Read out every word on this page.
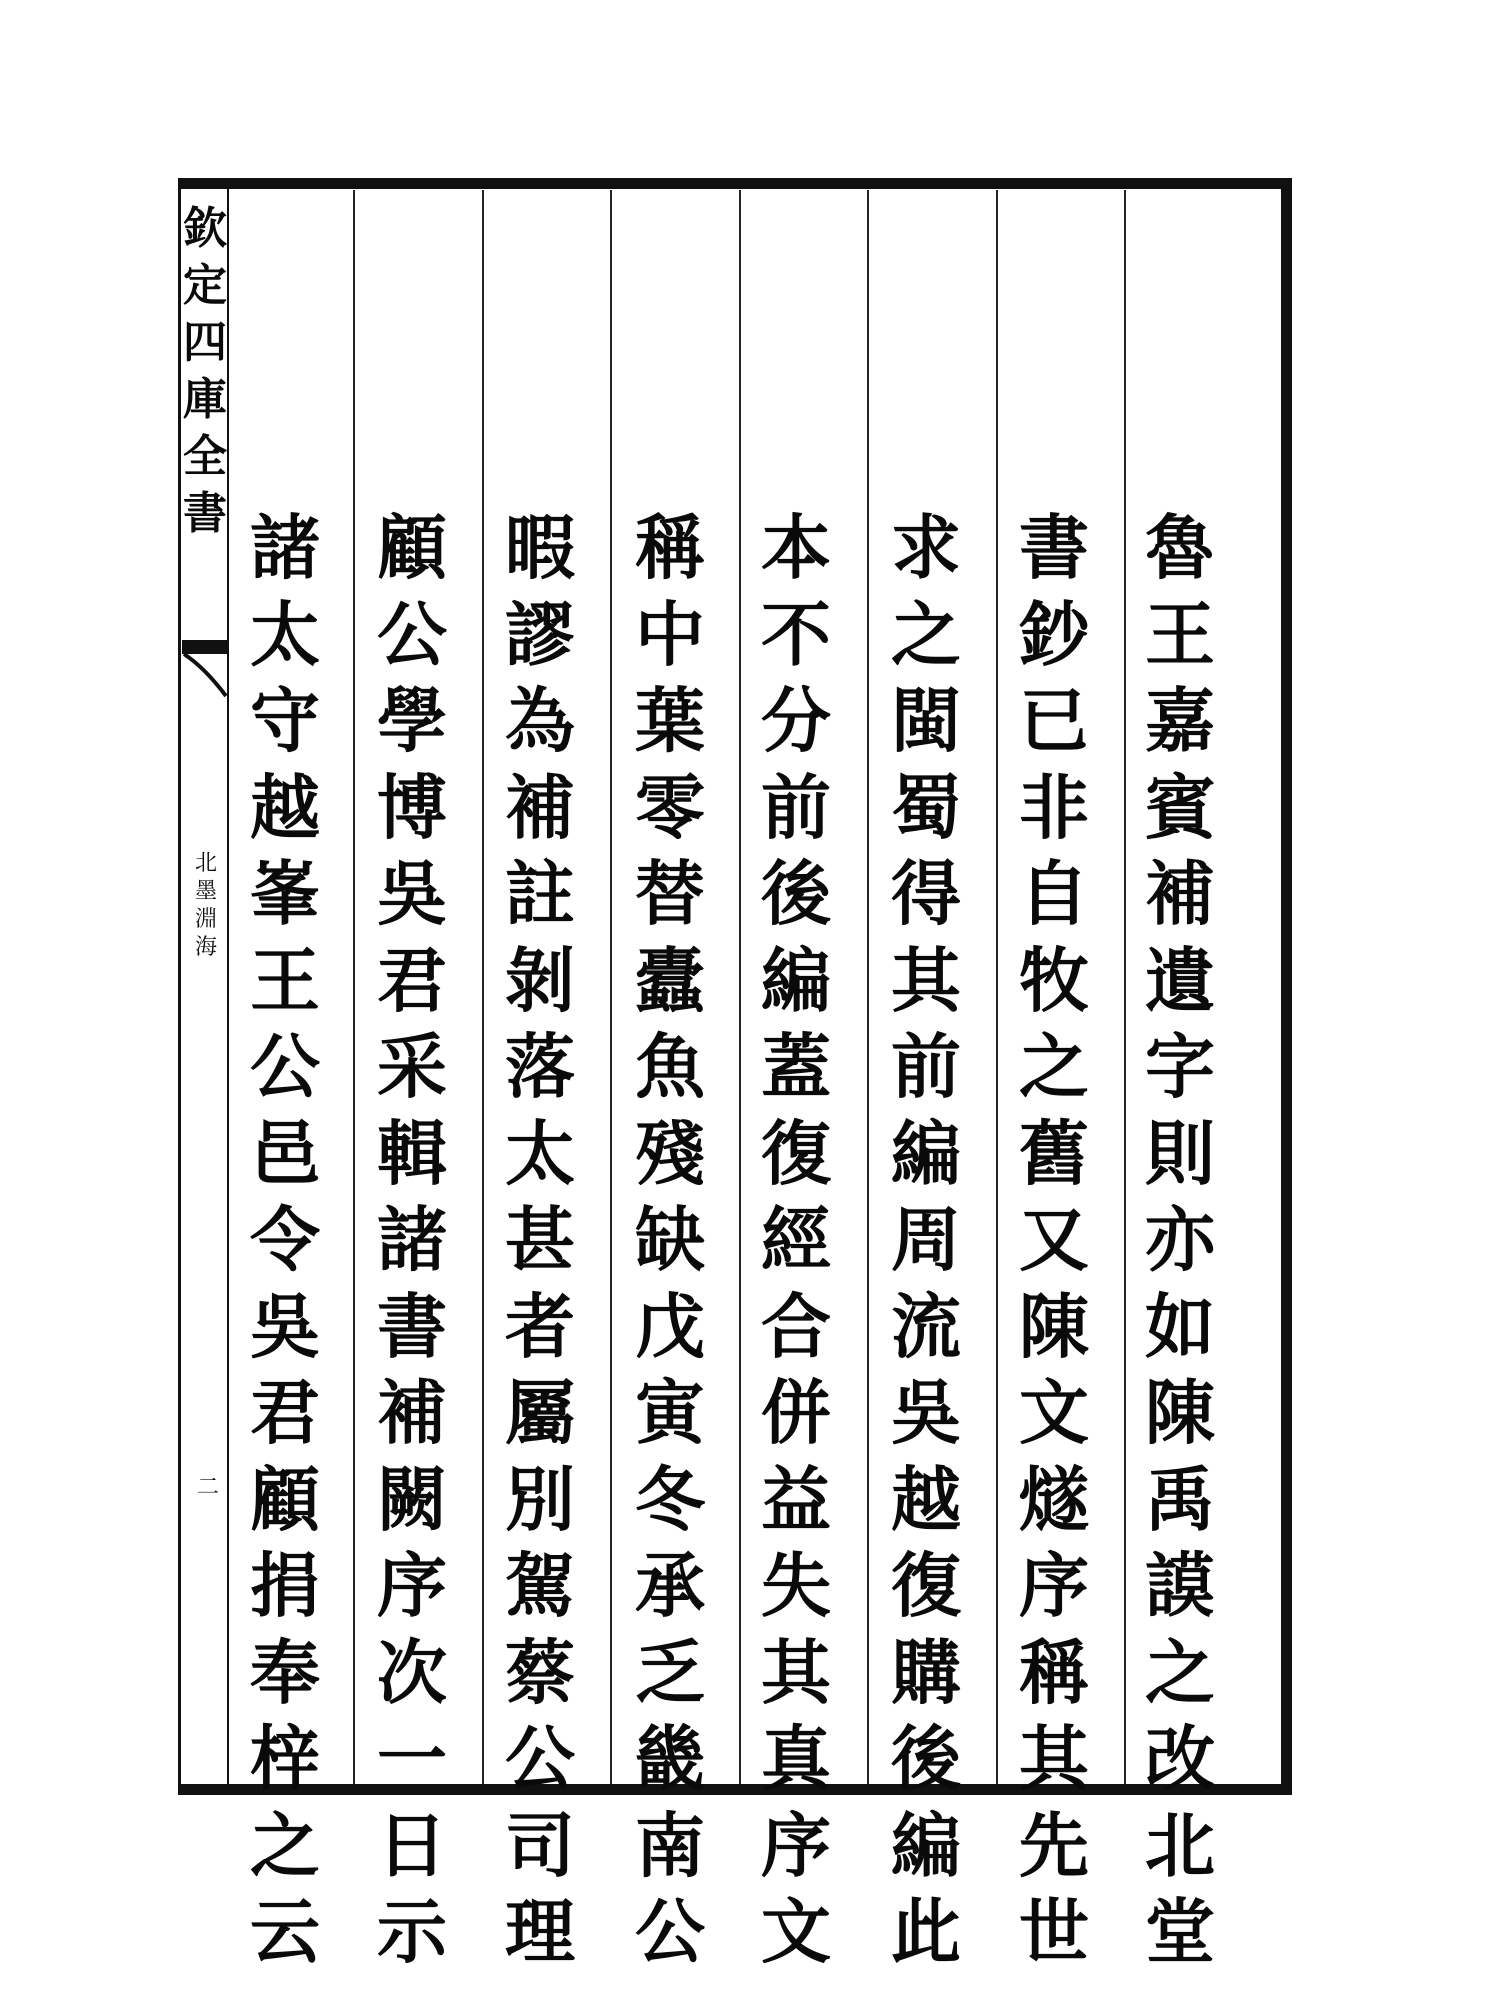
欽
定
四
庫
全
書
北
墨
淵
海
二
魯
王
嘉
賓
補
遺
字
則
亦
如
陳
禹
謨
之
改
北
堂
書
鈔
已
非
自
牧
之
舊
又
陳
文
燧
序
稱
其
先
世
求
之
閩
蜀
得
其
前
編
周
流
吳
越
復
購
後
編
此
本
不
分
前
後
編
蓋
復
經
合
併
益
失
其
真
序
文
稱
中
葉
零
替
蠹
魚
殘
缺
戊
寅
冬
承
乏
畿
南
公
暇
謬
為
補
註
剝
落
太
甚
者
屬
別
駕
蔡
公
司
理
顧
公
學
博
吳
君
采
輯
諸
書
補
闕
序
次
一
日
示
諸
太
守
越
峯
王
公
邑
令
吳
君
顧
捐
奉
梓
之
云
